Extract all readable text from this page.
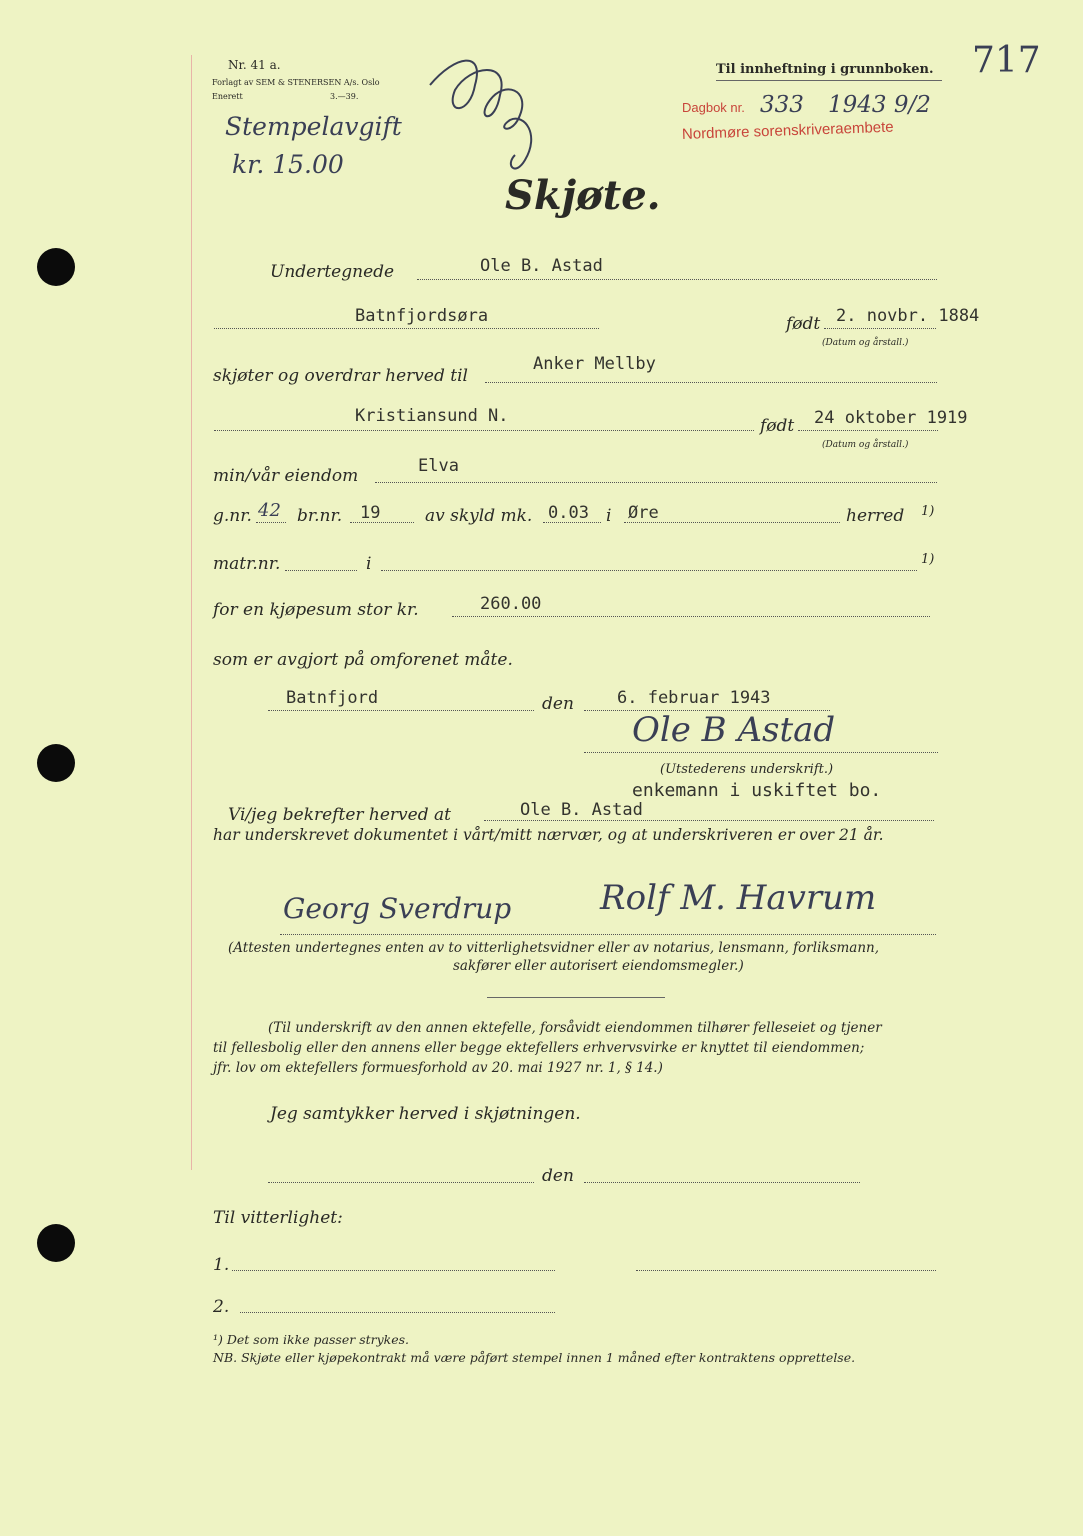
Nr. 41 a.
Forlagt av SEM & STENERSEN A/s. Oslo
Enerett	3.—39.
Stempelavgift
kr. 15.00
Til innheftning i grunnboken. 717
Dagbok nr. 333 1943 9/2
Nordmøre sorenskriveraembete
Skjøte.
Undertegnede	Ole B. Astad
Batnfjordsøra	født 2. novbr. 1884
(Datum og årstall.)
skjøter og overdrar herved til
Anker Mellby
Kristiansund N.	født 24 oktober 1919
(Datum og årstall.)
min/vår eiendom	Elva
g.nr. 42 br.nr. 19	av skyld mk. 0.03 i Øre	herred 1)
matr.nr.	i	1)
for en kjøpesum stor kr.	260.00
som er avgjort på omforenet måte.
Batnfjord	den	6. februar 1943
Ole B Astad
(Utstederens underskrift.)
enkemann i uskiftet bo.
Vi/jeg bekrefter herved at	Ole B. Astad
har underskrevet dokumentet i vårt/mitt nærvær, og at underskriveren er over 21 år.
Georg Sverdrup	Rolf M. Havrum
(Attesten undertegnes enten av to vitterlighetsvidner eller av notarius, lensmann, forliksmann,
sakfører eller autorisert eiendomsmegler.)
(Til underskrift av den annen ektefelle, forsåvidt eiendommen tilhører felleseiet og tjener
til fellesbolig eller den annens eller begge ektefellers erhvervsvirke er knyttet til eiendommen;
jfr. lov om ektefellers formuesforhold av 20. mai 1927 nr. 1, § 14.)
Jeg samtykker herved i skjøtningen.
den
Til vitterlighet:
1.
2.
¹) Det som ikke passer strykes.
NB. Skjøte eller kjøpekontrakt må være påført stempel innen 1 måned efter kontraktens opprettelse.
